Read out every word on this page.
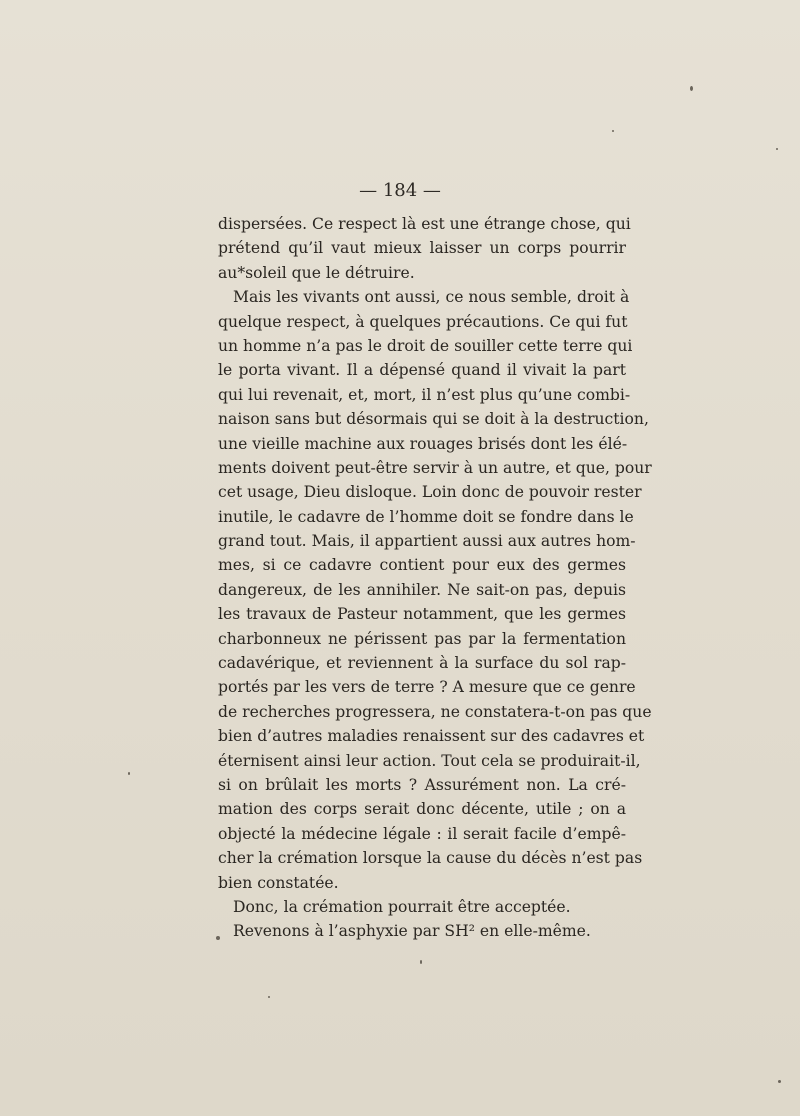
— 184 —
dispersées. Ce respect là est une étrange chose, qui
prétend qu’il vaut mieux laisser un corps pourrir
au*soleil que le détruire.
Mais les vivants ont aussi, ce nous semble, droit à
quelque respect, à quelques précautions. Ce qui fut
un homme n’a pas le droit de souiller cette terre qui
le porta vivant. Il a dépensé quand il vivait la part
qui lui revenait, et, mort, il n’est plus qu’une combi-
naison sans but désormais qui se doit à la destruction,
une vieille machine aux rouages brisés dont les élé-
ments doivent peut-être servir à un autre, et que, pour
cet usage, Dieu disloque. Loin donc de pouvoir rester
inutile, le cadavre de l’homme doit se fondre dans le
grand tout. Mais, il appartient aussi aux autres hom-
mes, si ce cadavre contient pour eux des germes
dangereux, de les annihiler. Ne sait-on pas, depuis
les travaux de Pasteur notamment, que les germes
charbonneux ne périssent pas par la fermentation
cadavérique, et reviennent à la surface du sol rap-
portés par les vers de terre ? A mesure que ce genre
de recherches progressera, ne constatera-t-on pas que
bien d’autres maladies renaissent sur des cadavres et
éternisent ainsi leur action. Tout cela se produirait-il,
si on brûlait les morts ? Assurément non. La cré-
mation des corps serait donc décente, utile ; on a
objecté la médecine légale : il serait facile d’empê-
cher la crémation lorsque la cause du décès n’est pas
bien constatée.
Donc, la crémation pourrait être acceptée.
Revenons à l’asphyxie par SH² en elle-même.
